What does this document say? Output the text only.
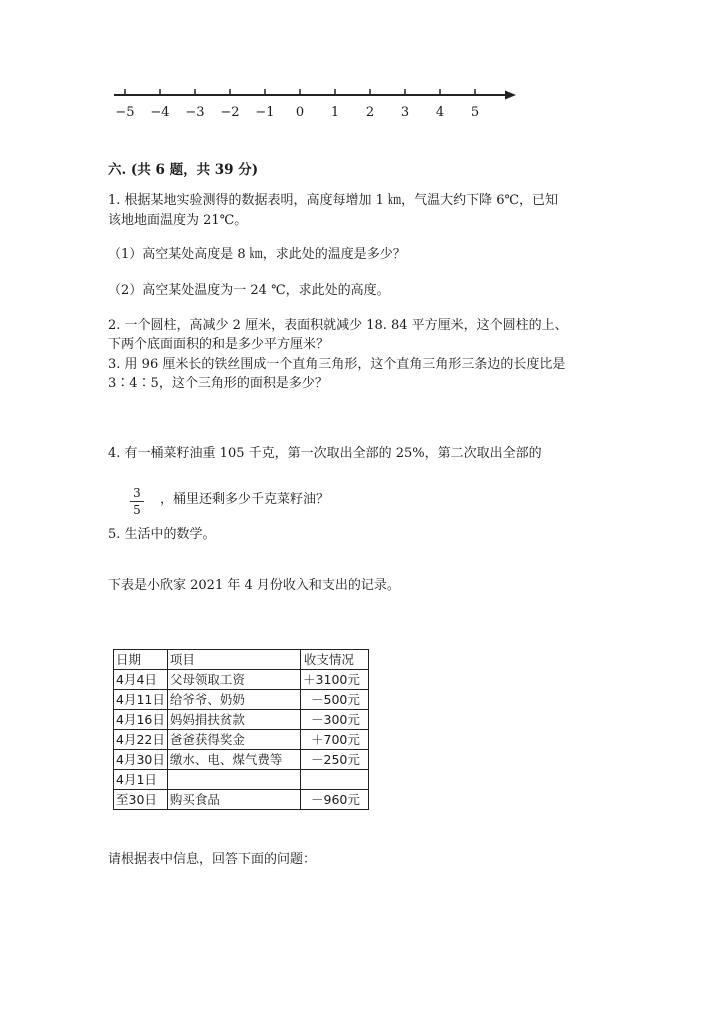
−5 −4 −3 −2 −1 0 1 2 3 4 5
六. (共 6 题，共 39 分)
1. 根据某地实验测得的数据表明，高度每增加 1 ㎞，气温大约下降 6℃，已知
该地地面温度为 21℃。
（1）高空某处高度是 8 ㎞，求此处的温度是多少？
（2）高空某处温度为一 24 ℃，求此处的高度。
2. 一个圆柱，高减少 2 厘米，表面积就减少 18. 84 平方厘米，这个圆柱的上、
下两个底面面积的和是多少平方厘米？
3. 用 96 厘米长的铁丝围成一个直角三角形，这个直角三角形三条边的长度比是
3∶4∶5，这个三角形的面积是多少？
4. 有一桶菜籽油重 105 千克，第一次取出全部的 25%，第二次取出全部的
3
5
，桶里还剩多少千克菜籽油？
5. 生活中的数学。
下表是小欣家 2021 年 4 月份收入和支出的记录。
日期	项目	收支情况
4月4日	父母领取工资	＋3100元
4月11日	给爷爷、奶奶	－500元
4月16日	妈妈捐扶贫款	－300元
4月22日	爸爸获得奖金	＋700元
4月30日	缴水、电、煤气费等	－250元
4月1日		
至30日	购买食品	－960元
请根据表中信息，回答下面的问题：
